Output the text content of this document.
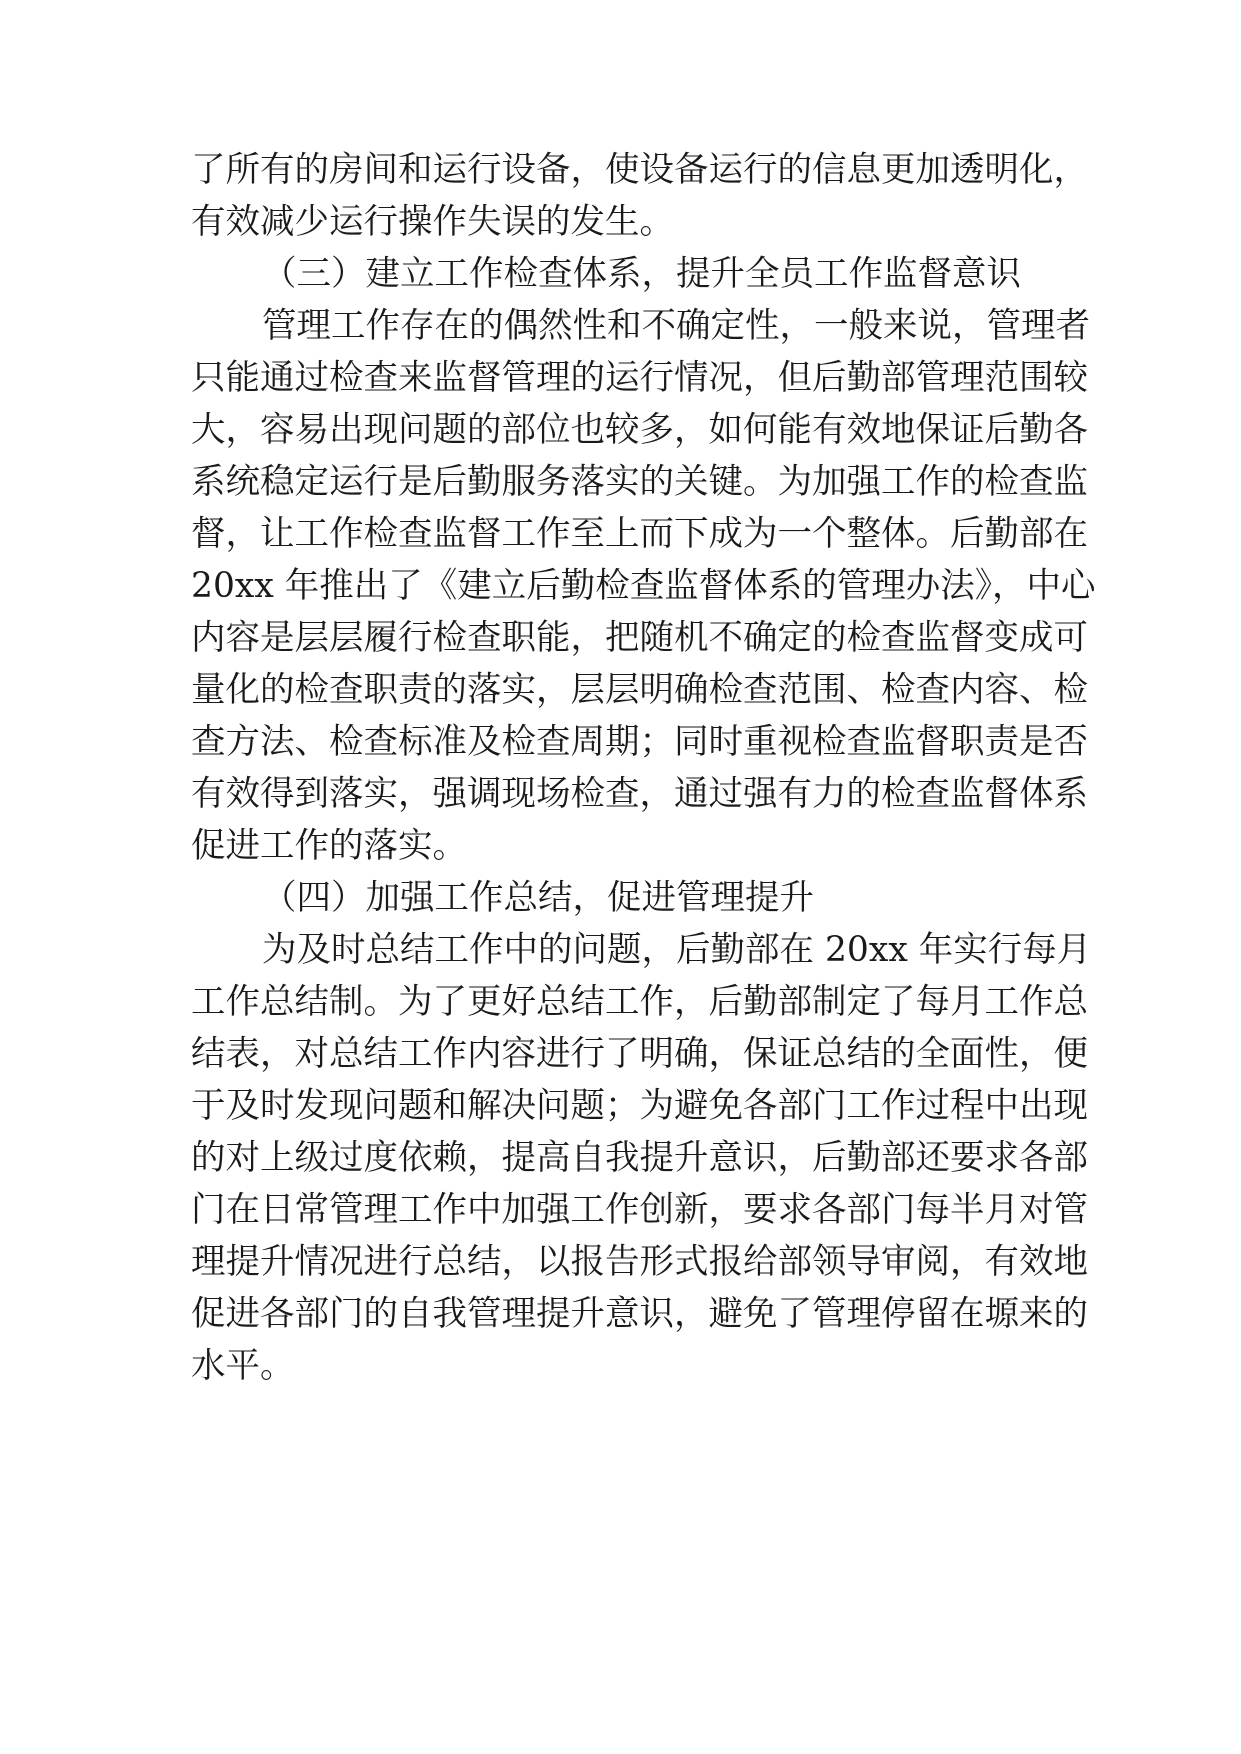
了所有的房间和运行设备，使设备运行的信息更加透明化，
有效减少运行操作失误的发生。
（三）建立工作检查体系，提升全员工作监督意识
管理工作存在的偶然性和不确定性，一般来说，管理者
只能通过检查来监督管理的运行情况，但后勤部管理范围较
大，容易出现问题的部位也较多，如何能有效地保证后勤各
系统稳定运行是后勤服务落实的关键。为加强工作的检查监
督，让工作检查监督工作至上而下成为一个整体。后勤部在
20xx 年推出了《建立后勤检查监督体系的管理办法》，中心
内容是层层履行检查职能，把随机不确定的检查监督变成可
量化的检查职责的落实，层层明确检查范围、检查内容、检
查方法、检查标准及检查周期；同时重视检查监督职责是否
有效得到落实，强调现场检查，通过强有力的检查监督体系
促进工作的落实。
（四）加强工作总结，促进管理提升
为及时总结工作中的问题，后勤部在 20xx 年实行每月
工作总结制。为了更好总结工作，后勤部制定了每月工作总
结表，对总结工作内容进行了明确，保证总结的全面性，便
于及时发现问题和解决问题；为避免各部门工作过程中出现
的对上级过度依赖，提高自我提升意识，后勤部还要求各部
门在日常管理工作中加强工作创新，要求各部门每半月对管
理提升情况进行总结，以报告形式报给部领导审阅，有效地
促进各部门的自我管理提升意识，避免了管理停留在塬来的
水平。
